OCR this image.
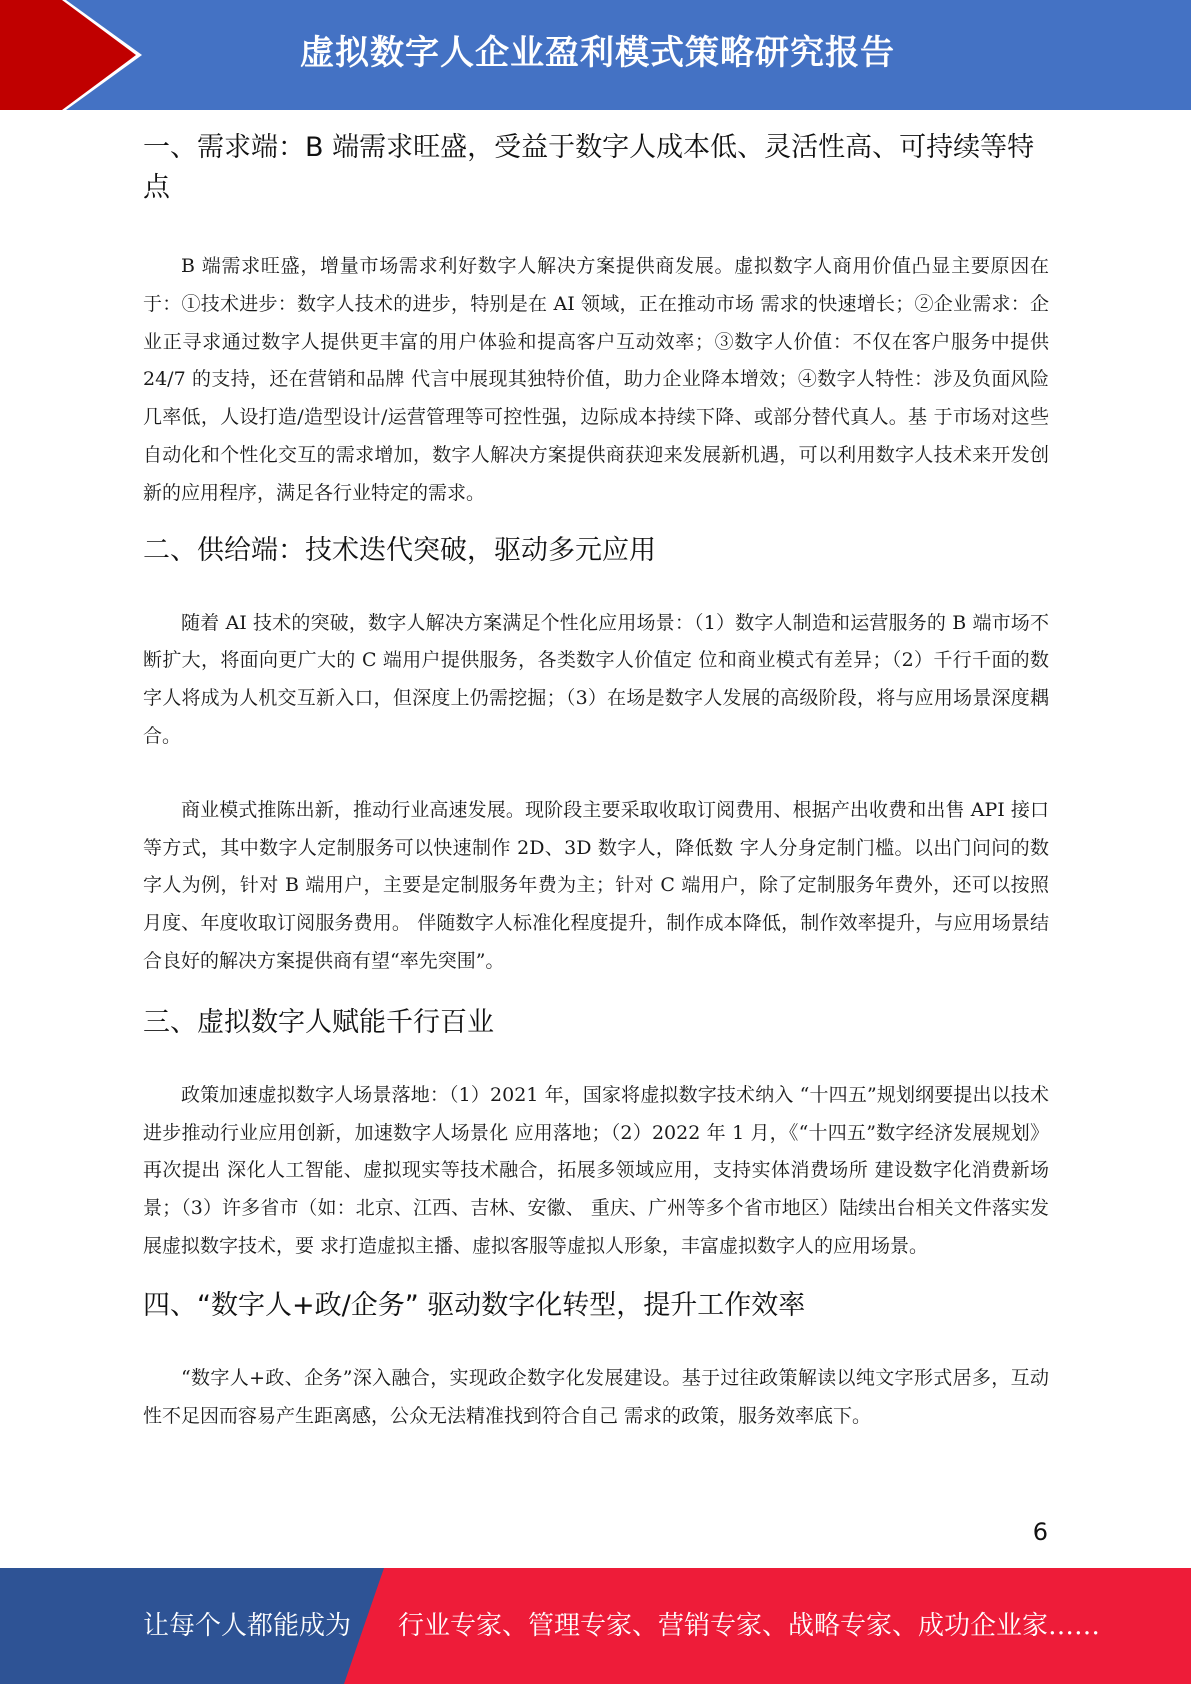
虚拟数字人企业盈利模式策略研究报告
一、需求端：B 端需求旺盛，受益于数字人成本低、灵活性高、可持续等特点

B 端需求旺盛，增量市场需求利好数字人解决方案提供商发展。虚拟数字人商用价值凸显主要原因在于：①技术进步：数字人技术的进步，特别是在 AI 领域，正在推动市场 需求的快速增长；②企业需求：企业正寻求通过数字人提供更丰富的用户体验和提高客户互动效率；③数字人价值：不仅在客户服务中提供 24/7 的支持，还在营销和品牌 代言中展现其独特价值，助力企业降本增效；④数字人特性：涉及负面风险几率低，人设打造/造型设计/运营管理等可控性强，边际成本持续下降、或部分替代真人。基 于市场对这些自动化和个性化交互的需求增加，数字人解决方案提供商获迎来发展新机遇，可以利用数字人技术来开发创新的应用程序，满足各行业特定的需求。

二、供给端：技术迭代突破，驱动多元应用

随着 AI 技术的突破，数字人解决方案满足个性化应用场景：（1）数字人制造和运营服务的 B 端市场不断扩大，将面向更广大的 C 端用户提供服务，各类数字人价值定 位和商业模式有差异；（2）千行千面的数字人将成为人机交互新入口，但深度上仍需挖掘；（3）在场是数字人发展的高级阶段，将与应用场景深度耦合。

商业模式推陈出新，推动行业高速发展。现阶段主要采取收取订阅费用、根据产出收费和出售 API 接口等方式，其中数字人定制服务可以快速制作 2D、3D 数字人，降低数 字人分身定制门槛。以出门问问的数字人为例，针对 B 端用户，主要是定制服务年费为主；针对 C 端用户，除了定制服务年费外，还可以按照月度、年度收取订阅服务费用。 伴随数字人标准化程度提升，制作成本降低，制作效率提升，与应用场景结合良好的解决方案提供商有望“率先突围”。

三、虚拟数字人赋能千行百业

政策加速虚拟数字人场景落地：（1）2021 年，国家将虚拟数字技术纳入 “十四五”规划纲要提出以技术进步推动行业应用创新，加速数字人场景化 应用落地；（2）2022 年 1 月，《“十四五”数字经济发展规划》再次提出 深化人工智能、虚拟现实等技术融合，拓展多领域应用，支持实体消费场所 建设数字化消费新场景；（3）许多省市（如：北京、江西、吉林、安徽、 重庆、广州等多个省市地区）陆续出台相关文件落实发展虚拟数字技术，要 求打造虚拟主播、虚拟客服等虚拟人形象，丰富虚拟数字人的应用场景。

四、“数字人+政/企务” 驱动数字化转型，提升工作效率

“数字人+政、企务”深入融合，实现政企数字化发展建设。基于过往政策解读以纯文字形式居多，互动性不足因而容易产生距离感，公众无法精准找到符合自己 需求的政策，服务效率底下。

6
让每个人都能成为 行业专家、管理专家、营销专家、战略专家、成功企业家……
